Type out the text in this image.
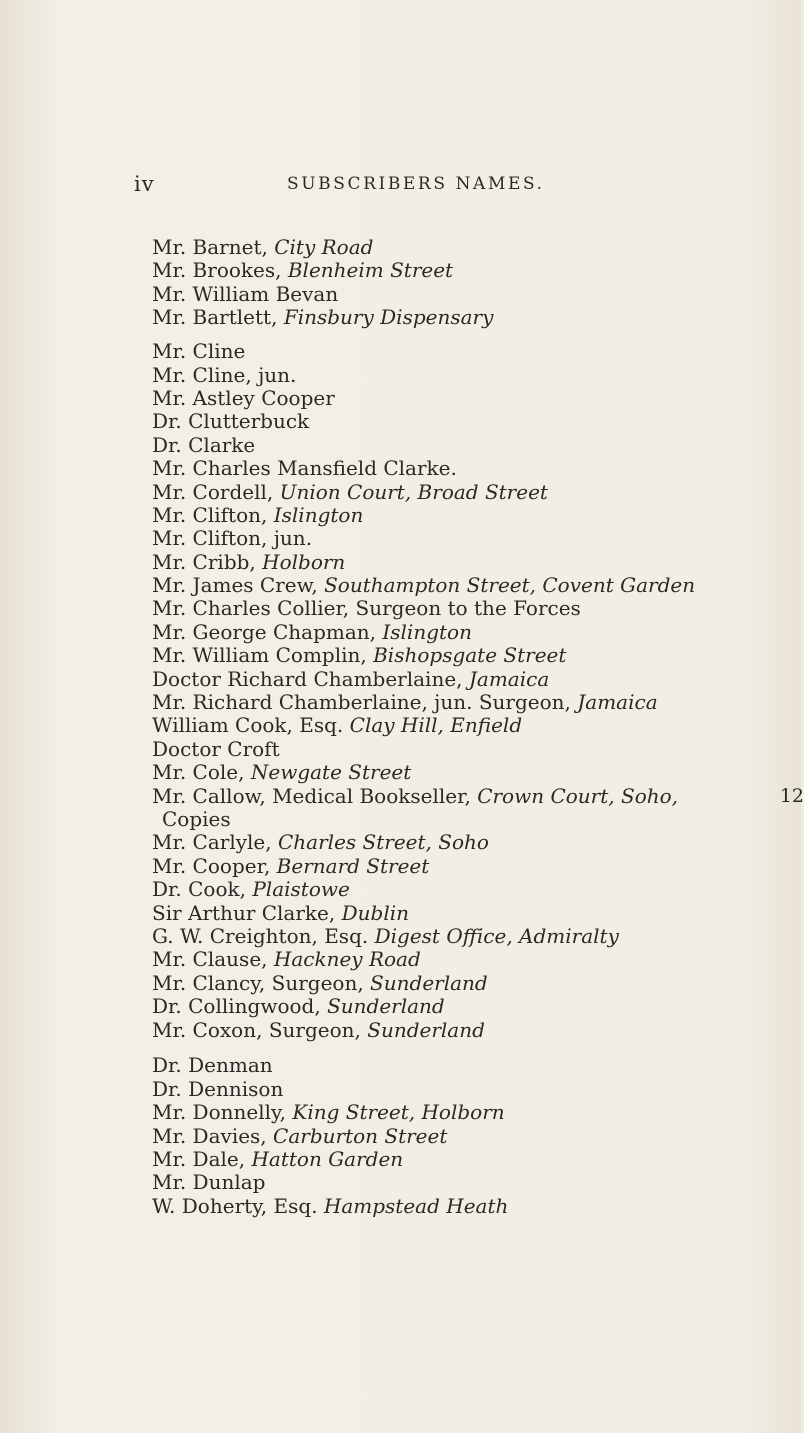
iv	SUBSCRIBERS NAMES.
Mr. Barnet, City Road
Mr. Brookes, Blenheim Street
Mr. William Bevan
Mr. Bartlett, Finsbury Dispensary
Mr. Cline
Mr. Cline, jun.
Mr. Astley Cooper
Dr. Clutterbuck
Dr. Clarke
Mr. Charles Mansfield Clarke.
Mr. Cordell, Union Court, Broad Street
Mr. Clifton, Islington
Mr. Clifton, jun.
Mr. Cribb, Holborn
Mr. James Crew, Southampton Street, Covent Garden
Mr. Charles Collier, Surgeon to the Forces
Mr. George Chapman, Islington
Mr. William Complin, Bishopsgate Street
Doctor Richard Chamberlaine, Jamaica
Mr. Richard Chamberlaine, jun. Surgeon, Jamaica
William Cook, Esq. Clay Hill, Enfield
Doctor Croft
Mr. Cole, Newgate Street
Mr. Callow, Medical Bookseller, Crown Court, Soho,	12
Copies
Mr. Carlyle, Charles Street, Soho
Mr. Cooper, Bernard Street
Dr. Cook, Plaistowe
Sir Arthur Clarke, Dublin
G. W. Creighton, Esq. Digest Office, Admiralty
Mr. Clause, Hackney Road
Mr. Clancy, Surgeon, Sunderland
Dr. Collingwood, Sunderland
Mr. Coxon, Surgeon, Sunderland
Dr. Denman
Dr. Dennison
Mr. Donnelly, King Street, Holborn
Mr. Davies, Carburton Street
Mr. Dale, Hatton Garden
Mr. Dunlap
W. Doherty, Esq. Hampstead Heath
